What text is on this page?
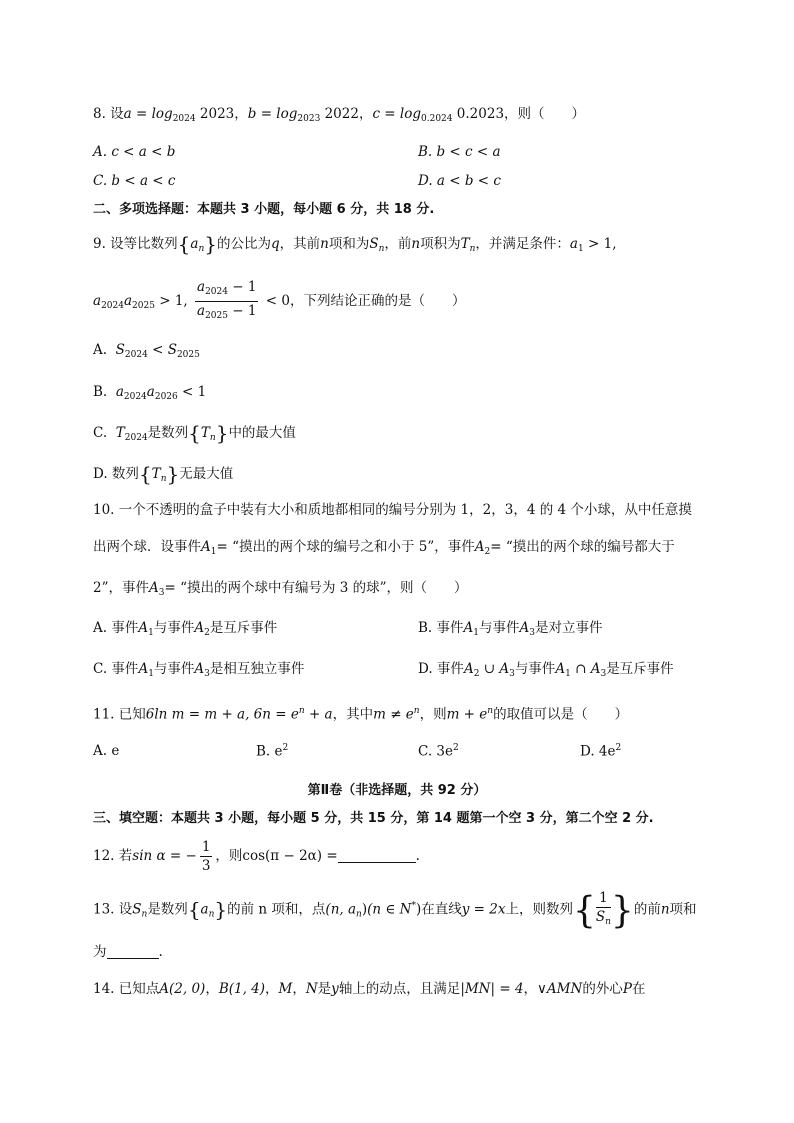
8. 设$a = \log_{2024} 2023$，$b = \log_{2023} 2022$，$c = \log_{0.2024} 0.2023$，则（　　）
A. c < a < b	B. b < c < a
C. b < a < c	D. a < b < c
二、多项选择题：本题共 3 小题，每小题 6 分，共 18 分.
9. 设等比数列$\{a_n\}$的公比为q，其前n项和为$S_n$，前n项积为$T_n$，并满足条件：$a_1 > 1$,
$a_{2024}a_{2025} > 1$, $\frac{a_{2024} - 1}{a_{2025} - 1} < 0$，下列结论正确的是（　　）
A. $S_{2024} < S_{2025}$
B. $a_{2024}a_{2026} < 1$
C. $T_{2024}$是数列$\{T_n\}$中的最大值
D. 数列$\{T_n\}$无最大值
10. 一个不透明的盒子中装有大小和质地都相同的编号分别为 1，2，3，4 的 4 个小球，从中任意摸
出两个球．设事件$A_1=$ “摸出的两个球的编号之和小于 5”，事件$A_2=$ “摸出的两个球的编号都大于
2”，事件$A_3=$ “摸出的两个球中有编号为 3 的球”，则（　　）
A. 事件$A_1$与事件$A_2$是互斥事件	B. 事件$A_1$与事件$A_3$是对立事件
C. 事件$A_1$与事件$A_3$是相互独立事件	D. 事件$A_2$ ∪ $A_3$与事件$A_1$ ∩ $A_3$是互斥事件
11. 已知6ln m = m + a, $6n = e^n + a$，其中$m \ne e^n$，则$m + e^n$的取值可以是（　　）
A. e	B. $e^2$	C. $3e^2$	D. $4e^2$
第Ⅱ卷（非选择题，共 92 分）
三、填空题：本题共 3 小题，每小题 5 分，共 15 分，第 14 题第一个空 3 分，第二个空 2 分.
12. 若sin α = − $\frac{1}{3}$ ，则cos(π − 2α) =	.
13. 设$S_n$是数列$\{a_n\}$的前 n 项和，点(n, $a_n)(n$ ∈ N*)在直线y = 2x上，则数列{ $\frac{1}{S_n}$ }的前n项和
为	.
14. 已知点A(2, 0)，B(1, 4)，M，N是y轴上的动点，且满足|MN| = 4，∨AMN的外心P在
